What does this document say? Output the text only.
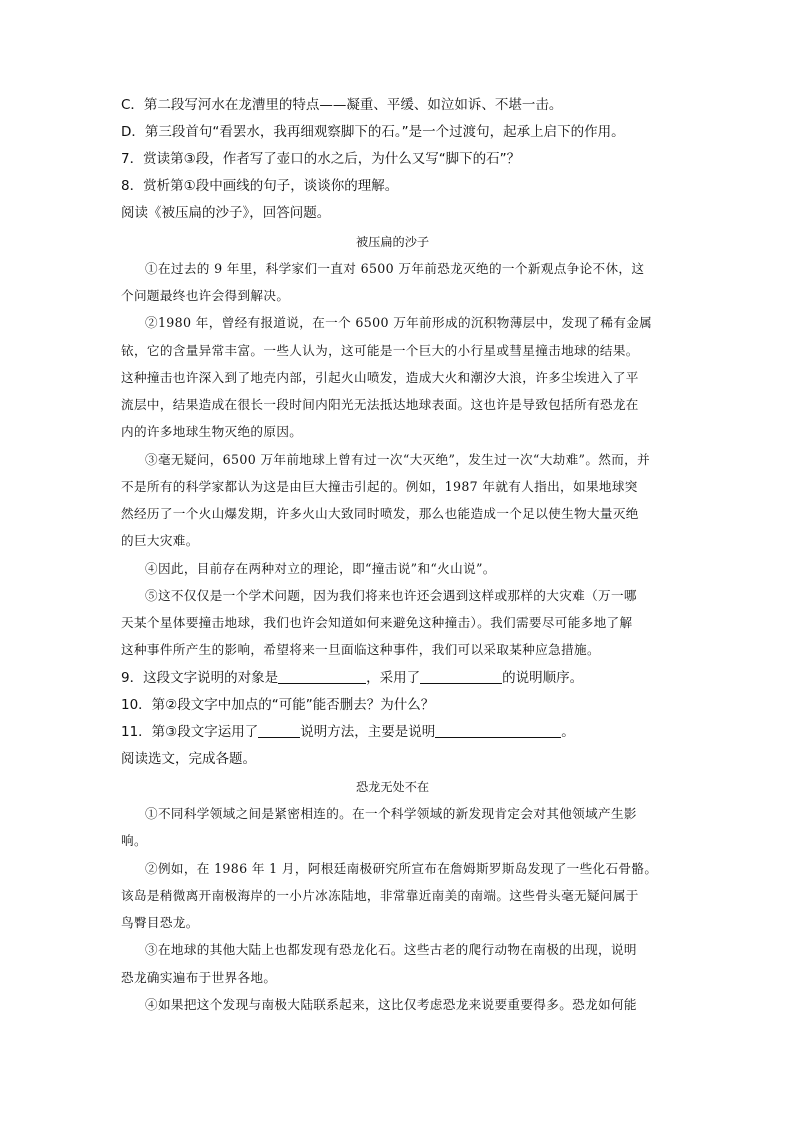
C．第二段写河水在龙漕里的特点——凝重、平缓、如泣如诉、不堪一击。
D．第三段首句“看罢水，我再细观察脚下的石。”是一个过渡句，起承上启下的作用。
7．赏读第③段，作者写了壶口的水之后，为什么又写“脚下的石”？
8．赏析第①段中画线的句子，谈谈你的理解。
阅读《被压扁的沙子》，回答问题。
被压扁的沙子
①在过去的 9 年里，科学家们一直对 6500 万年前恐龙灭绝的一个新观点争论不休，这
个问题最终也许会得到解决。
②1980 年，曾经有报道说，在一个 6500 万年前形成的沉积物薄层中，发现了稀有金属
铱，它的含量异常丰富。一些人认为，这可能是一个巨大的小行星或彗星撞击地球的结果。
这种撞击也许深入到了地壳内部，引起火山喷发，造成大火和潮汐大浪，许多尘埃进入了平
流层中，结果造成在很长一段时间内阳光无法抵达地球表面。这也许是导致包括所有恐龙在
内的许多地球生物灭绝的原因。
③毫无疑问，6500 万年前地球上曾有过一次“大灭绝”，发生过一次“大劫难”。然而，并
不是所有的科学家都认为这是由巨大撞击引起的。例如，1987 年就有人指出，如果地球突
然经历了一个火山爆发期，许多火山大致同时喷发，那么也能造成一个足以使生物大量灭绝
的巨大灾难。
④因此，目前存在两种对立的理论，即“撞击说”和“火山说”。
⑤这不仅仅是一个学术问题，因为我们将来也许还会遇到这样或那样的大灾难（万一哪
天某个星体要撞击地球，我们也许会知道如何来避免这种撞击）。我们需要尽可能多地了解
这种事件所产生的影响，希望将来一旦面临这种事件，我们可以采取某种应急措施。
9．这段文字说明的对象是	，采用了	的说明顺序。
10．第②段文字中加点的“可能”能否删去？为什么？
11．第③段文字运用了	说明方法，主要是说明	。
阅读选文，完成各题。
恐龙无处不在
①不同科学领域之间是紧密相连的。在一个科学领域的新发现肯定会对其他领域产生影
响。
②例如，在 1986 年 1 月，阿根廷南极研究所宣布在詹姆斯罗斯岛发现了一些化石骨骼。
该岛是稍微离开南极海岸的一小片冰冻陆地，非常靠近南美的南端。这些骨头毫无疑问属于
鸟臀目恐龙。
③在地球的其他大陆上也都发现有恐龙化石。这些古老的爬行动物在南极的出现，说明
恐龙确实遍布于世界各地。
④如果把这个发现与南极大陆联系起来，这比仅考虑恐龙来说要重要得多。恐龙如何能
